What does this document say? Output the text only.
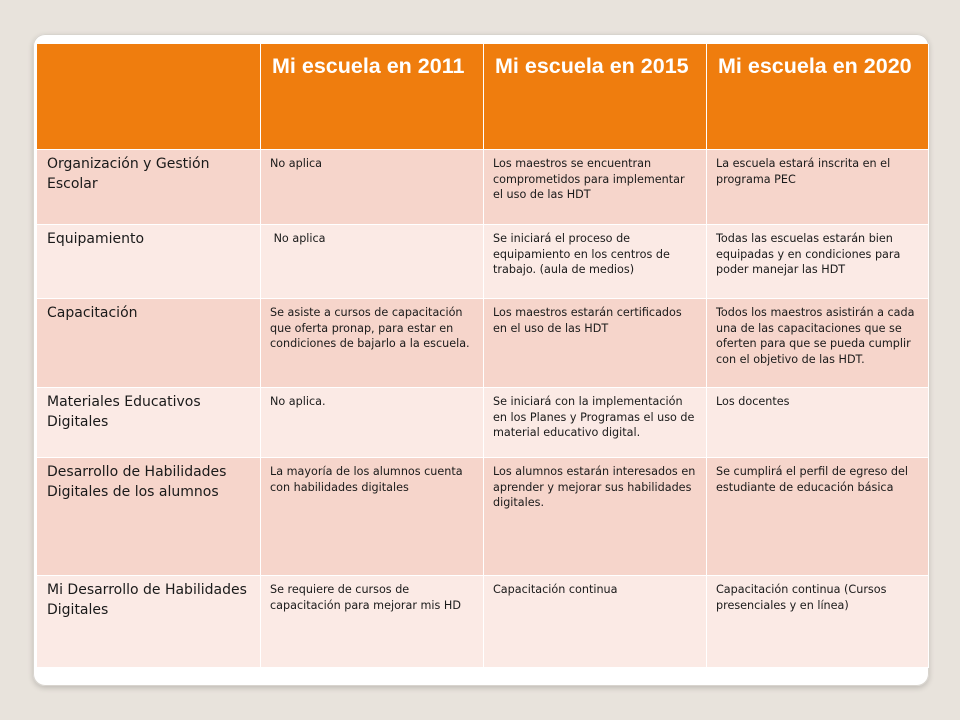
	Mi escuela en 2011	Mi escuela en 2015	Mi escuela en 2020
Organización y Gestión Escolar	No aplica	Los maestros se encuentran comprometidos para implementar el uso de las HDT	La escuela estará inscrita en el programa PEC
Equipamiento	No aplica	Se iniciará el proceso de equipamiento en los centros de trabajo. (aula de medios)	Todas las escuelas estarán bien equipadas y en condiciones para poder manejar las HDT
Capacitación	Se asiste a cursos de capacitación que oferta pronap, para estar en condiciones de bajarlo a la escuela.	Los maestros estarán certificados en el uso de las HDT	Todos los maestros asistirán a cada una de las capacitaciones que se oferten para que se pueda cumplir con el objetivo de las HDT.
Materiales Educativos Digitales	No aplica.	Se iniciará con la implementación en los Planes y Programas el uso de material educativo digital.	Los docentes
Desarrollo de Habilidades Digitales de los alumnos	La mayoría de los alumnos cuenta con habilidades digitales	Los alumnos estarán interesados en aprender y mejorar sus habilidades digitales.	Se cumplirá el perfil de egreso del estudiante de educación básica
Mi Desarrollo de Habilidades Digitales	Se requiere de cursos de capacitación para mejorar mis HD	Capacitación continua	Capacitación continua (Cursos presenciales y en línea)
